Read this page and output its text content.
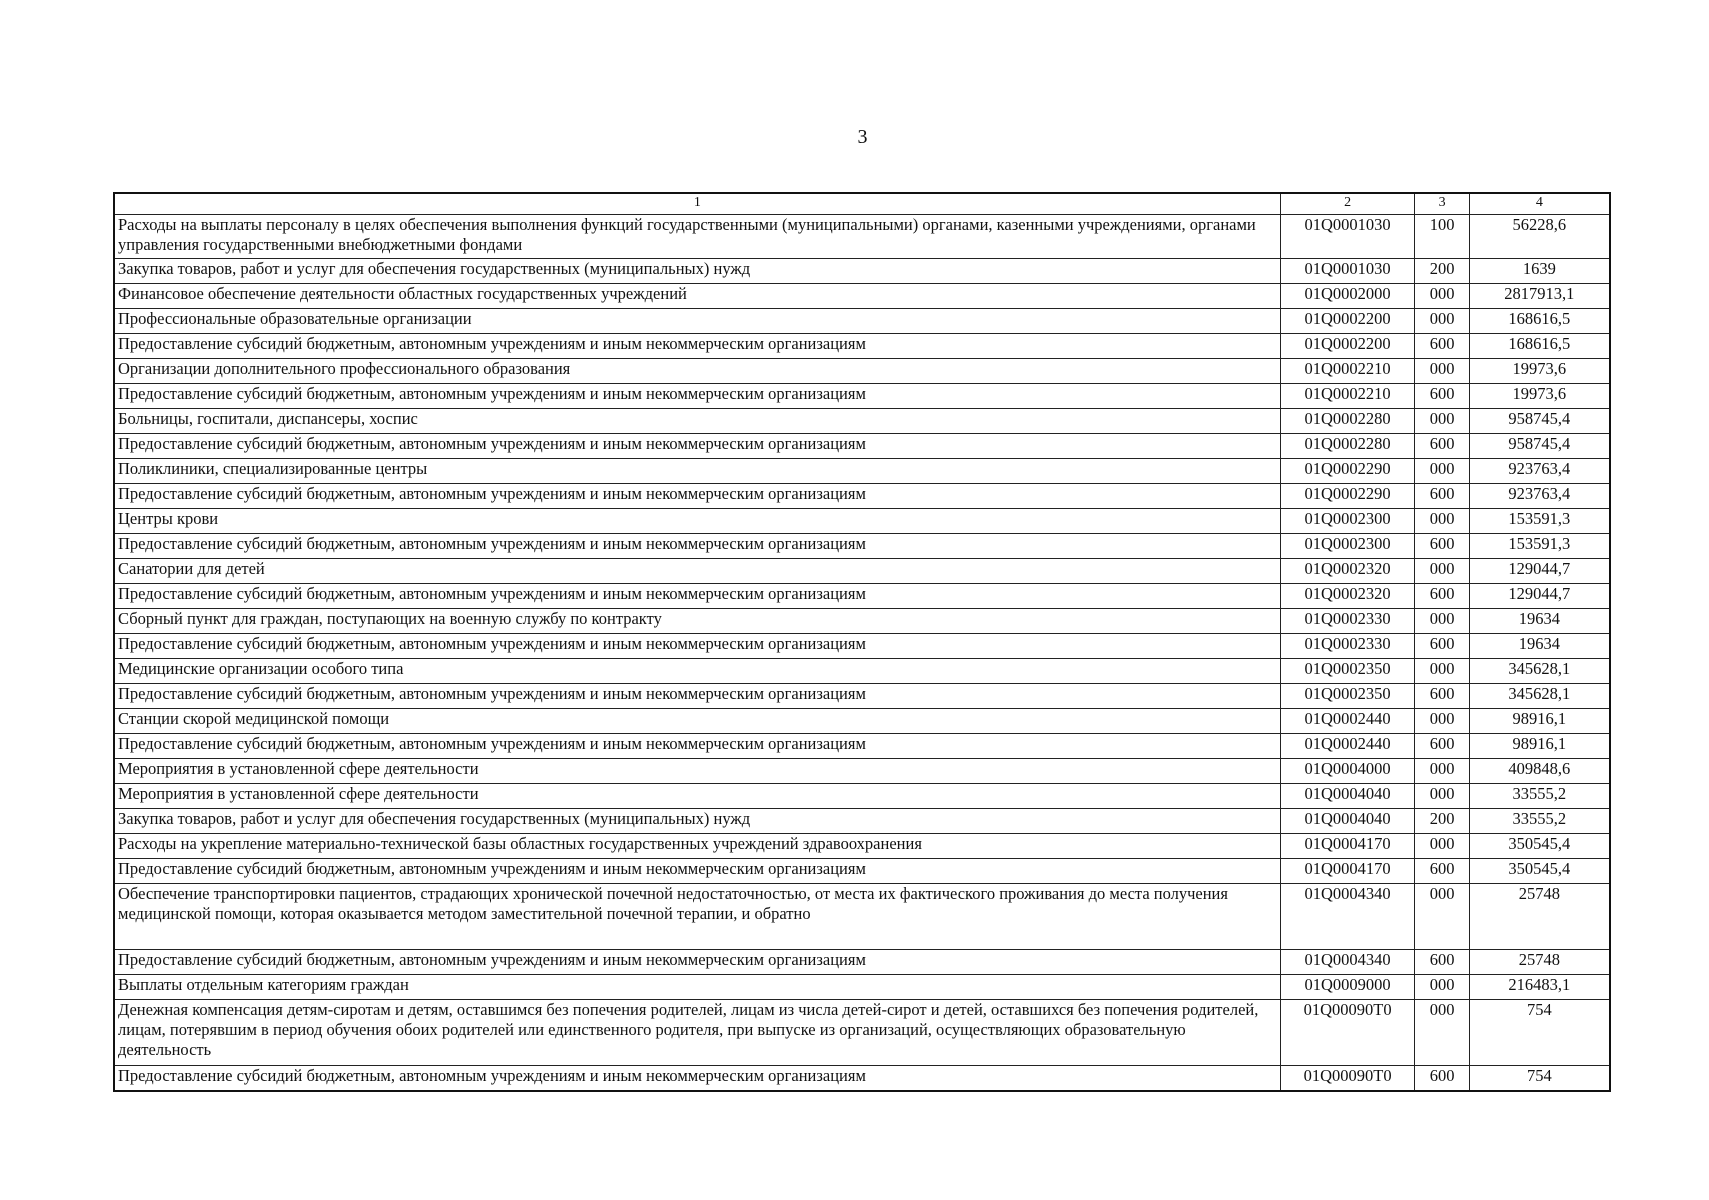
3
1	2	3	4
Расходы на выплаты персоналу в целях обеспечения выполнения функций государственными (муниципальными) органами, казенными учреждениями, органами управления государственными внебюджетными фондами	01Q0001030	100	56228,6
Закупка товаров, работ и услуг для обеспечения государственных (муниципальных) нужд	01Q0001030	200	1639
Финансовое обеспечение деятельности областных государственных учреждений	01Q0002000	000	2817913,1
Профессиональные образовательные организации	01Q0002200	000	168616,5
Предоставление субсидий бюджетным, автономным учреждениям и иным некоммерческим организациям	01Q0002200	600	168616,5
Организации дополнительного профессионального образования	01Q0002210	000	19973,6
Предоставление субсидий бюджетным, автономным учреждениям и иным некоммерческим организациям	01Q0002210	600	19973,6
Больницы, госпитали, диспансеры, хоспис	01Q0002280	000	958745,4
Предоставление субсидий бюджетным, автономным учреждениям и иным некоммерческим организациям	01Q0002280	600	958745,4
Поликлиники, специализированные центры	01Q0002290	000	923763,4
Предоставление субсидий бюджетным, автономным учреждениям и иным некоммерческим организациям	01Q0002290	600	923763,4
Центры крови	01Q0002300	000	153591,3
Предоставление субсидий бюджетным, автономным учреждениям и иным некоммерческим организациям	01Q0002300	600	153591,3
Санатории для детей	01Q0002320	000	129044,7
Предоставление субсидий бюджетным, автономным учреждениям и иным некоммерческим организациям	01Q0002320	600	129044,7
Сборный пункт для граждан, поступающих на военную службу по контракту	01Q0002330	000	19634
Предоставление субсидий бюджетным, автономным учреждениям и иным некоммерческим организациям	01Q0002330	600	19634
Медицинские организации особого типа	01Q0002350	000	345628,1
Предоставление субсидий бюджетным, автономным учреждениям и иным некоммерческим организациям	01Q0002350	600	345628,1
Станции скорой медицинской помощи	01Q0002440	000	98916,1
Предоставление субсидий бюджетным, автономным учреждениям и иным некоммерческим организациям	01Q0002440	600	98916,1
Мероприятия в установленной сфере деятельности	01Q0004000	000	409848,6
Мероприятия в установленной сфере деятельности	01Q0004040	000	33555,2
Закупка товаров, работ и услуг для обеспечения государственных (муниципальных) нужд	01Q0004040	200	33555,2
Расходы на укрепление материально-технической базы областных государственных учреждений здравоохранения	01Q0004170	000	350545,4
Предоставление субсидий бюджетным, автономным учреждениям и иным некоммерческим организациям	01Q0004170	600	350545,4
Обеспечение транспортировки пациентов, страдающих хронической почечной недостаточностью, от места их фактического проживания до места получения медицинской помощи, которая оказывается методом заместительной почечной терапии, и обратно	01Q0004340	000	25748
Предоставление субсидий бюджетным, автономным учреждениям и иным некоммерческим организациям	01Q0004340	600	25748
Выплаты отдельным категориям граждан	01Q0009000	000	216483,1
Денежная компенсация детям-сиротам и детям, оставшимся без попечения родителей, лицам из числа детей-сирот и детей, оставшихся без попечения родителей, лицам, потерявшим в период обучения обоих родителей или единственного родителя, при выпуске из организаций, осуществляющих образовательную деятельность	01Q00090Т0	000	754
Предоставление субсидий бюджетным, автономным учреждениям и иным некоммерческим организациям	01Q00090Т0	600	754
